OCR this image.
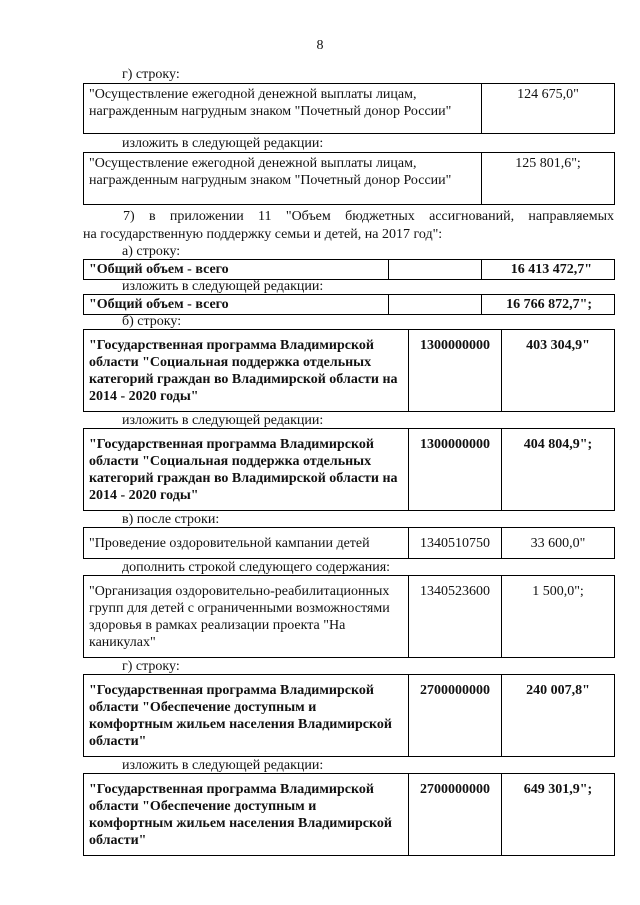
8
г) строку:
"Осуществление ежегодной денежной выплаты лицам, награжденным нагрудным знаком "Почетный донор России"	124 675,0"
изложить в следующей редакции:
"Осуществление ежегодной денежной выплаты лицам, награжденным нагрудным знаком "Почетный донор России"	125 801,6";
7) в приложении 11 "Объем бюджетных ассигнований, направляемых
на государственную поддержку семьи и детей, на 2017 год":
а) строку:
"Общий объем - всего		16 413 472,7"
изложить в следующей редакции:
"Общий объем - всего		16 766 872,7";
б) строку:
"Государственная программа Владимирской области "Социальная поддержка отдельных категорий граждан во Владимирской области на 2014 - 2020 годы"	1300000000	403 304,9"
изложить в следующей редакции:
"Государственная программа Владимирской области "Социальная поддержка отдельных категорий граждан во Владимирской области на 2014 - 2020 годы"	1300000000	404 804,9";
в) после строки:
"Проведение оздоровительной кампании детей	1340510750	33 600,0"
дополнить строкой следующего содержания:
"Организация оздоровительно-реабилитационных групп для детей с ограниченными возможностями здоровья в рамках реализации проекта "На каникулах"	1340523600	1 500,0";
г) строку:
"Государственная программа Владимирской области "Обеспечение доступным и комфортным жильем населения Владимирской области"	2700000000	240 007,8"
изложить в следующей редакции:
"Государственная программа Владимирской области "Обеспечение доступным и комфортным жильем населения Владимирской области"	2700000000	649 301,9";
